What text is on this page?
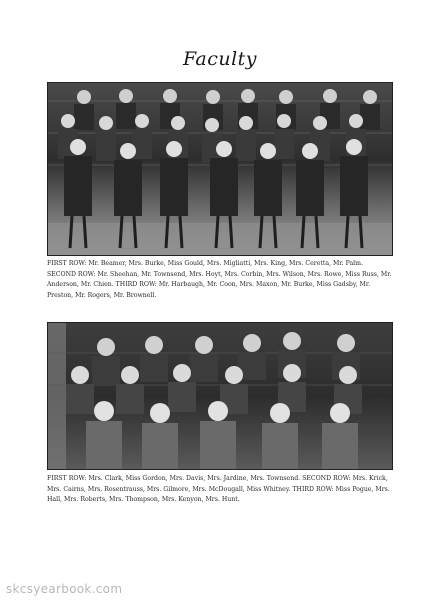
Faculty
FIRST ROW: Mr. Beamer, Mrs. Burke, Miss Gould, Mrs. Migliatti, Mrs. King, Mrs. Ceretta, Mr. Palm. SECOND ROW: Mr. Sheehan, Mr. Townsend, Mrs. Hoyt, Mrs. Corbin, Mrs. Wilson, Mrs. Rowe, Miss Russ, Mr. Anderson, Mr. Chien. THIRD ROW: Mr. Harbaugh, Mr. Coon, Mrs. Maxon, Mr. Burke, Miss Gadsby, Mr. Preston, Mr. Rogers, Mr. Brownell.
FIRST ROW: Mrs. Clark, Miss Gordon, Mrs. Davis, Mrs. Jardine, Mrs. Townsend. SECOND ROW: Mrs. Krick, Mrs. Cairns, Mrs. Rosentrauss, Mrs. Gilmore, Mrs. McDougall, Miss Whitney. THIRD ROW: Miss Pogue, Mrs. Hall, Mrs. Roberts, Mrs. Thompson, Mrs. Kenyon, Mrs. Hunt.
skcsyearbook.com
